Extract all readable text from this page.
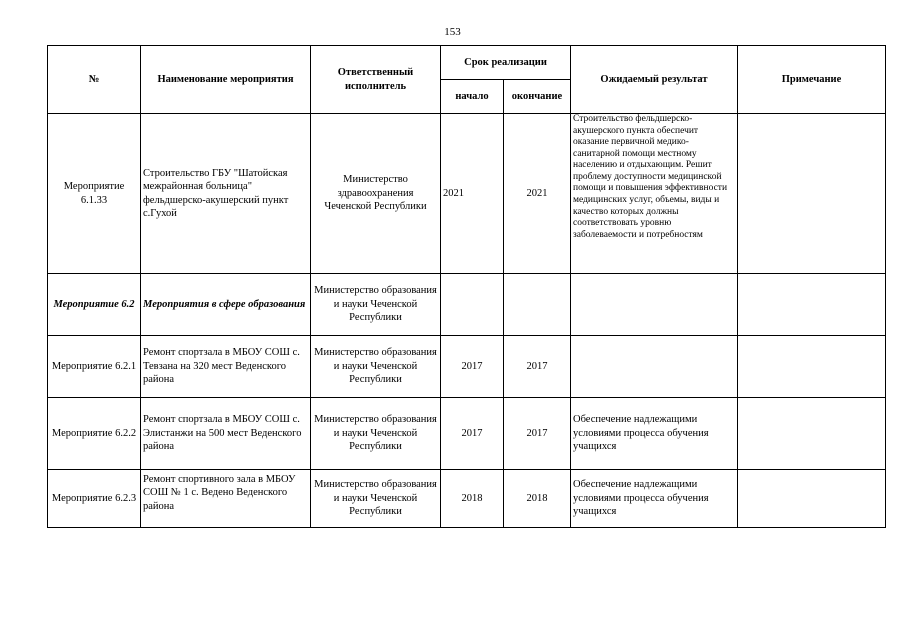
153
№	Наименование мероприятия	Ответственный исполнитель	Срок реализации		Ожидаемый результат	Примечание
			начало	окончание		
Мероприятие 6.1.33	Строительство ГБУ "Шатойская межрайонная больница" фельдшерско-акушерский пункт с.Гухой	Министерство здравоохранения Чеченской Республики	2021	2021	Строительство фельдшерско-акушерского пункта обеспечит оказание первичной медико-санитарной помощи местному населению и отдыхающим. Решит проблему доступности медицинской помощи и повышения эффективности медицинских услуг, объемы, виды и качество которых должны соответствовать уровню заболеваемости и потребностям	

Мероприятие 6.2	Мероприятия в сфере образования	Министерство образования и науки Чеченской Республики				
Мероприятие 6.2.1	Ремонт спортзала в МБОУ СОШ с. Тевзана на 320 мест Веденского района	Министерство образования и науки Чеченской Республики	2017	2017		
Мероприятие 6.2.2	Ремонт спортзала в МБОУ СОШ с. Элистанжи на 500 мест Веденского района	Министерство образования и науки Чеченской Республики	2017	2017	Обеспечение надлежащими условиями процесса обучения учащихся	
Мероприятие 6.2.3	Ремонт спортивного зала в МБОУ СОШ № 1 с. Ведено Веденского района	Министерство образования и науки Чеченской Республики	2018	2018	Обеспечение надлежащими условиями процесса обучения учащихся	
